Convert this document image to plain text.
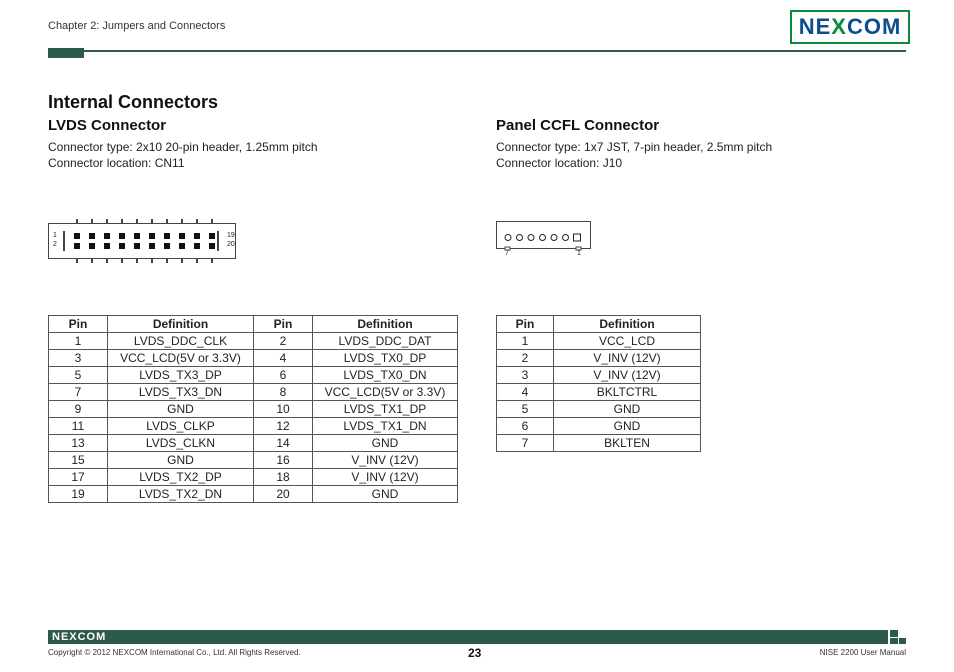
Chapter 2: Jumpers and Connectors	NE X COM
Internal Connectors
LVDS Connector
Connector type: 2x10 20-pin header, 1.25mm pitch
Connector location: CN11
Panel CCFL Connector
Connector type: 1x7 JST, 7-pin header, 2.5mm pitch
Connector location: J10
1
2
19
20
7	1
Pin	Definition	Pin	Definition
1	LVDS_DDC_CLK	2	LVDS_DDC_DAT
3	VCC_LCD(5V or 3.3V)	4	LVDS_TX0_DP
5	LVDS_TX3_DP	6	LVDS_TX0_DN
7	LVDS_TX3_DN	8	VCC_LCD(5V or 3.3V)
9	GND	10	LVDS_TX1_DP
11	LVDS_CLKP	12	LVDS_TX1_DN
13	LVDS_CLKN	14	GND
15	GND	16	V_INV (12V)
17	LVDS_TX2_DP	18	V_INV (12V)
19	LVDS_TX2_DN	20	GND
Pin	Definition
1	VCC_LCD
2	V_INV (12V)
3	V_INV (12V)
4	BKLTCTRL
5	GND
6	GND
7	BKLTEN
NEXCOM
Copyright © 2012 NEXCOM International Co., Ltd. All Rights Reserved.	23	NISE 2200 User Manual
